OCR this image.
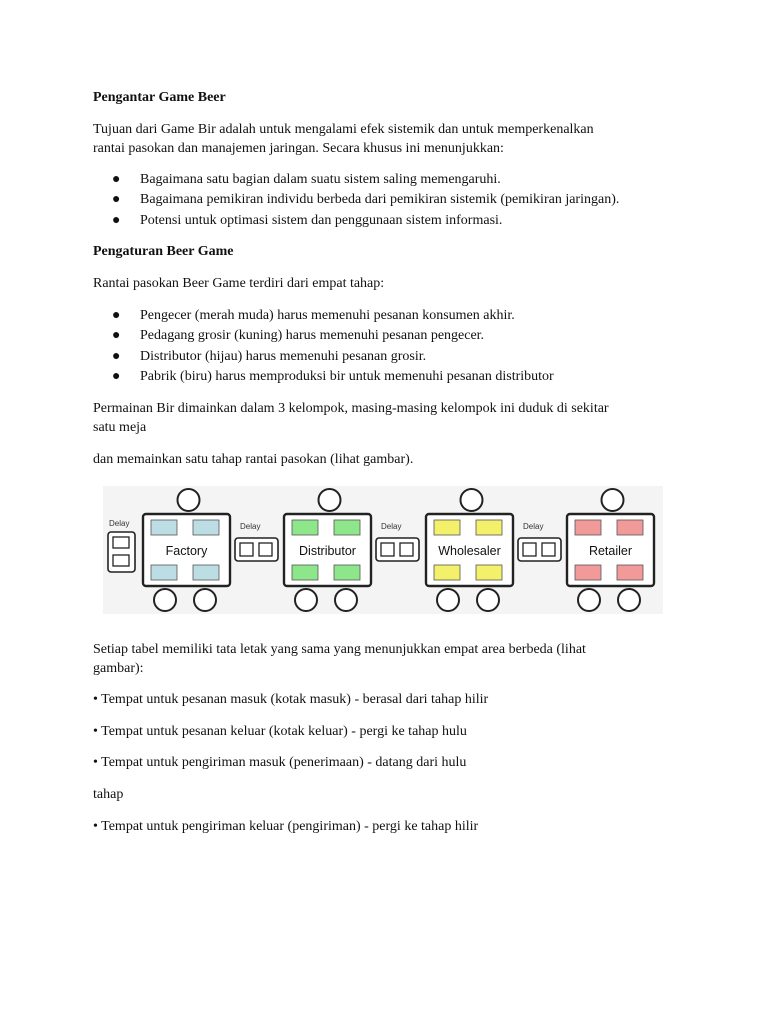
Pengantar Game Beer

Tujuan dari Game Bir adalah untuk mengalami efek sistemik dan untuk memperkenalkan

rantai pasokan dan manajemen jaringan. Secara khusus ini menunjukkan:

● Bagaimana satu bagian dalam suatu sistem saling memengaruhi.
● Bagaimana pemikiran individu berbeda dari pemikiran sistemik (pemikiran jaringan).
● Potensi untuk optimasi sistem dan penggunaan sistem informasi.

Pengaturan Beer Game

Rantai pasokan Beer Game terdiri dari empat tahap:

● Pengecer (merah muda) harus memenuhi pesanan konsumen akhir.
● Pedagang grosir (kuning) harus memenuhi pesanan pengecer.
● Distributor (hijau) harus memenuhi pesanan grosir.
● Pabrik (biru) harus memproduksi bir untuk memenuhi pesanan distributor

Permainan Bir dimainkan dalam 3 kelompok, masing-masing kelompok ini duduk di sekitar

satu meja

dan memainkan satu tahap rantai pasokan (lihat gambar).

Setiap tabel memiliki tata letak yang sama yang menunjukkan empat area berbeda (lihat

gambar):

• Tempat untuk pesanan masuk (kotak masuk) - berasal dari tahap hilir

• Tempat untuk pesanan keluar (kotak keluar) - pergi ke tahap hulu

• Tempat untuk pengiriman masuk (penerimaan) - datang dari hulu

tahap

• Tempat untuk pengiriman keluar (pengiriman) - pergi ke tahap hilir

Delay
Factory
Delay
Distributor
Delay
Wholesaler
Delay
Retailer
